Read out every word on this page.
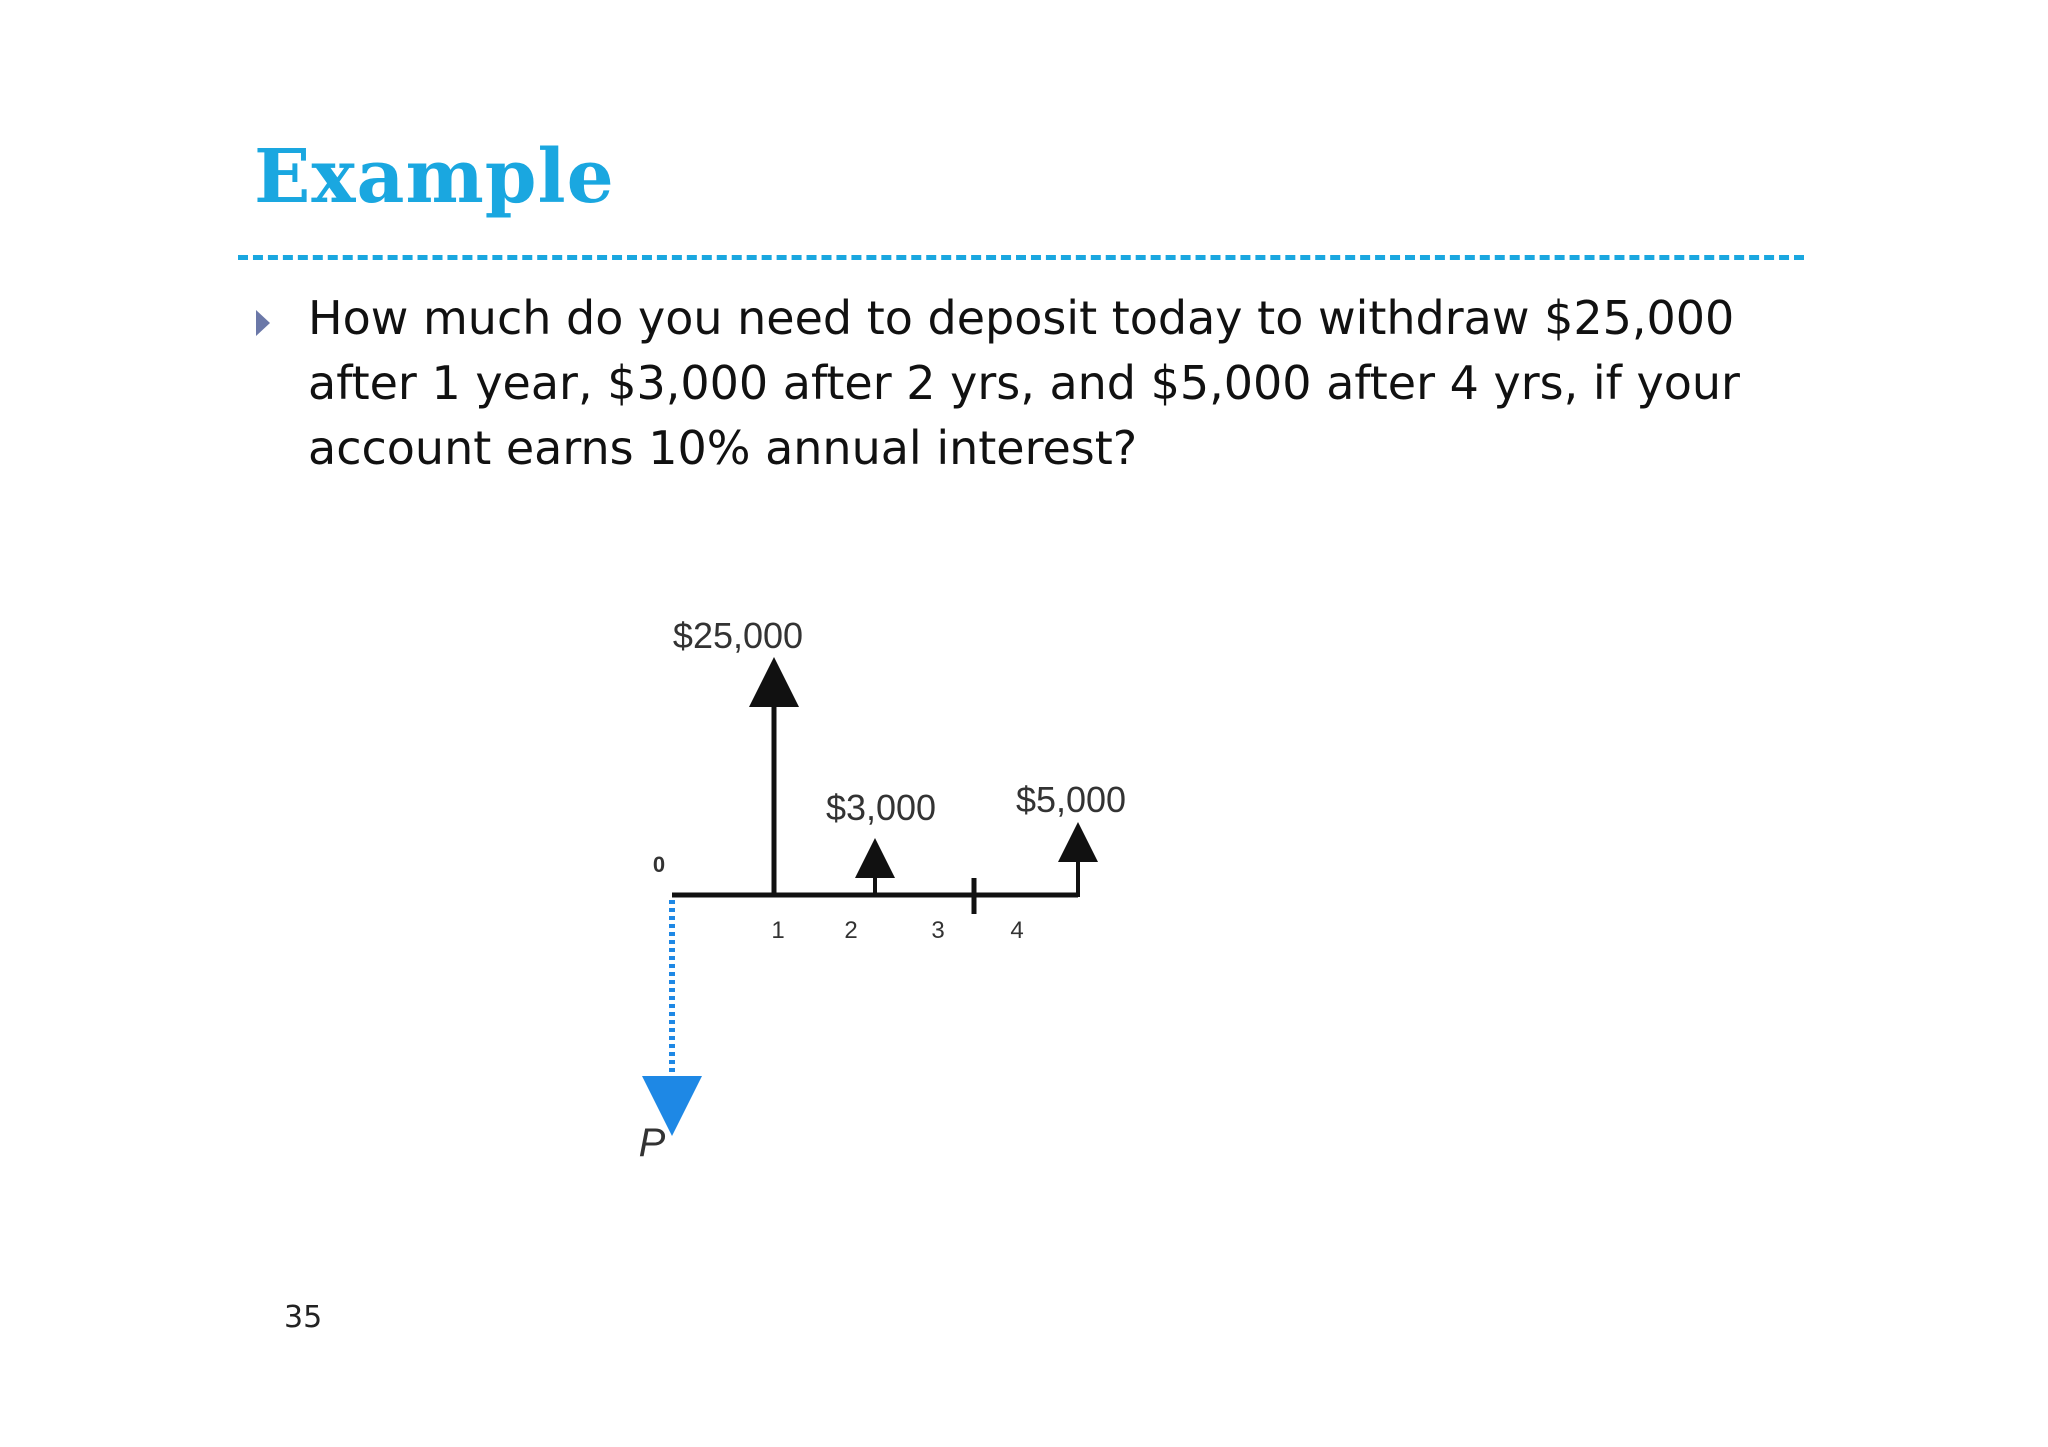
Example

How much do you need to deposit today to withdraw $25,000 after 1 year, $3,000 after 2 yrs, and $5,000 after 4 yrs, if your account earns 10% annual interest?

0
1 2	3	4
$25,000
$3,000 $5,000
P
35
